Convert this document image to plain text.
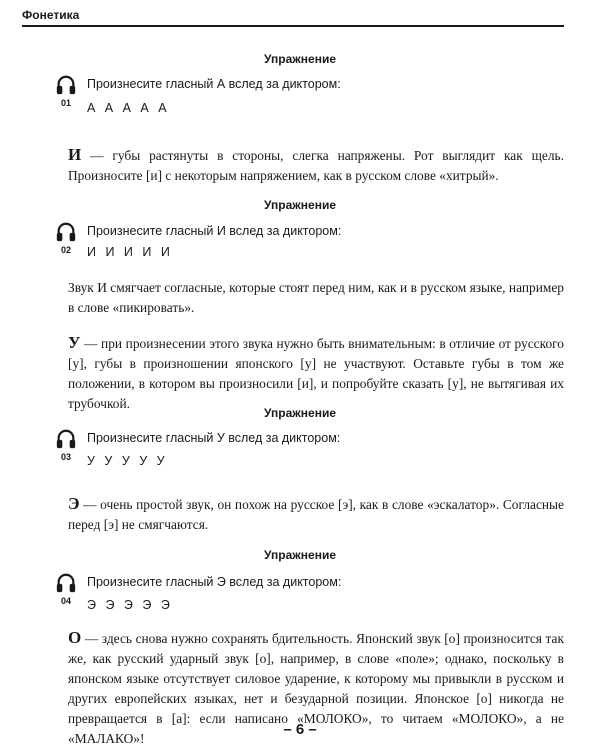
Фонетика
Упражнение
01

Произнесите гласный А вслед за диктором:

А А А А А

И — губы растянуты в стороны, слегка напряжены. Рот выглядит как щель. Произносите [и] с некоторым напряжением, как в русском слове «хитрый».

Упражнение
02

Произнесите гласный И вслед за диктором:

И И И И И

Звук И смягчает согласные, которые стоят перед ним, как и в русском языке, например в слове «пикировать».

У — при произнесении этого звука нужно быть внимательным: в отличие от русского [у], губы в произношении японского [у] не участвуют. Оставьте губы в том же положении, в котором вы произносили [и], и попробуйте сказать [у], не вытягивая их трубочкой.

Упражнение
03

Произнесите гласный У вслед за диктором:

У У У У У

Э — очень простой звук, он похож на русское [э], как в слове «эскалатор». Согласные перед [э] не смягчаются.

Упражнение
04

Произнесите гласный Э вслед за диктором:

Э Э Э Э Э

О — здесь снова нужно сохранять бдительность. Японский звук [о] произносится так же, как русский ударный звук [о], например, в слове «поле»; однако, поскольку в японском языке отсутствует силовое ударение, к которому мы привыкли в русском и других европейских языках, нет и безударной позиции. Японское [о] никогда не превращается в [а]: если написано «МОЛОКО», то читаем «МОЛОКО», а не «МАЛАКО»!

– 6 –
